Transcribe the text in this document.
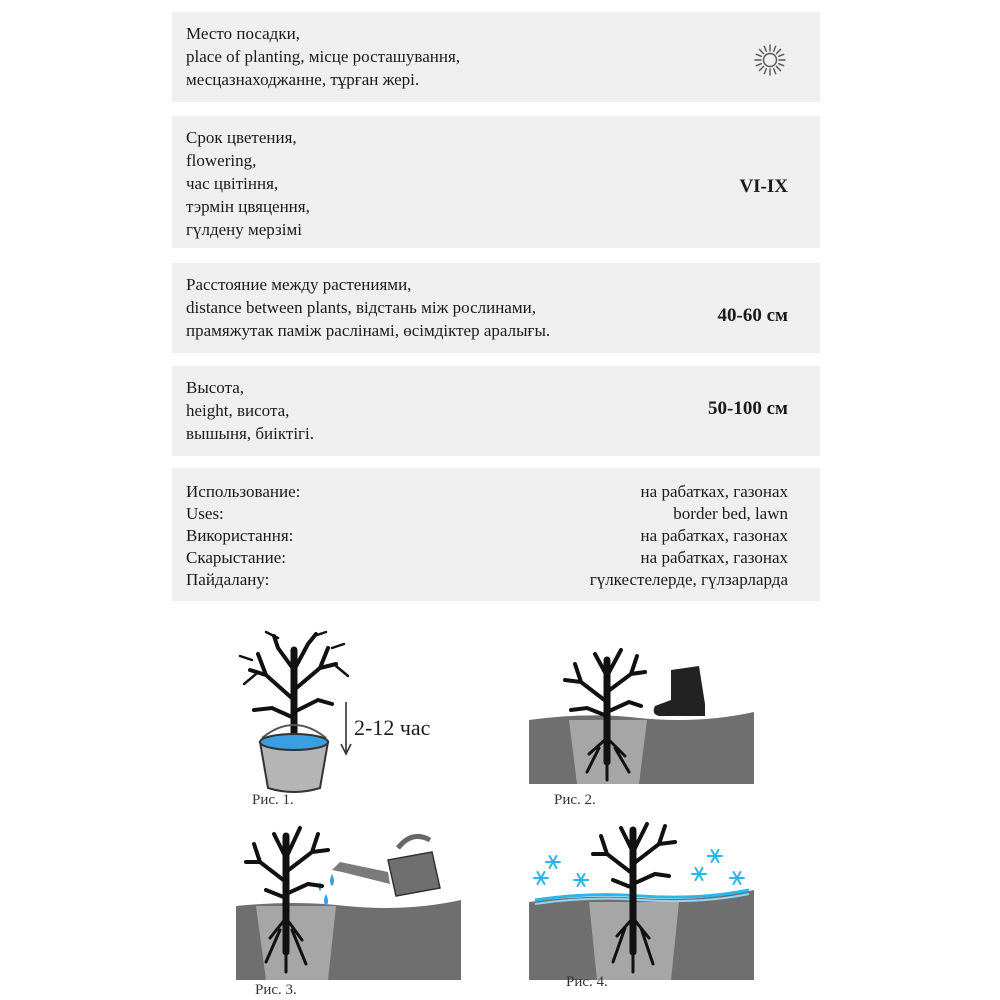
Место посадки,
place of planting, місце росташування,
месцазнаходжанне, тұрған жері.
Срок цветения,
flowering,
час цвітіння,
тэрмін цвяцення,
гүлдену мерзімі
VI-IX
Расстояние между растениями,
distance between plants, відстань між рослинами,
прамяжутак паміж раслінамі, өсімдіктер аралығы.
40-60 см
Высота,
height, висота,
вышыня, биіктігі.
50-100 см
Использование:	на рабатках, газонах
Uses:	border bed, lawn
Використання:	на рабатках, газонах
Скарыстание:	на рабатках, газонах
Пайдалану:	гүлкестелерде, гүлзарларда
2-12 час
Рис. 1.	Рис. 2.
Рис. 3.	Рис. 4.
